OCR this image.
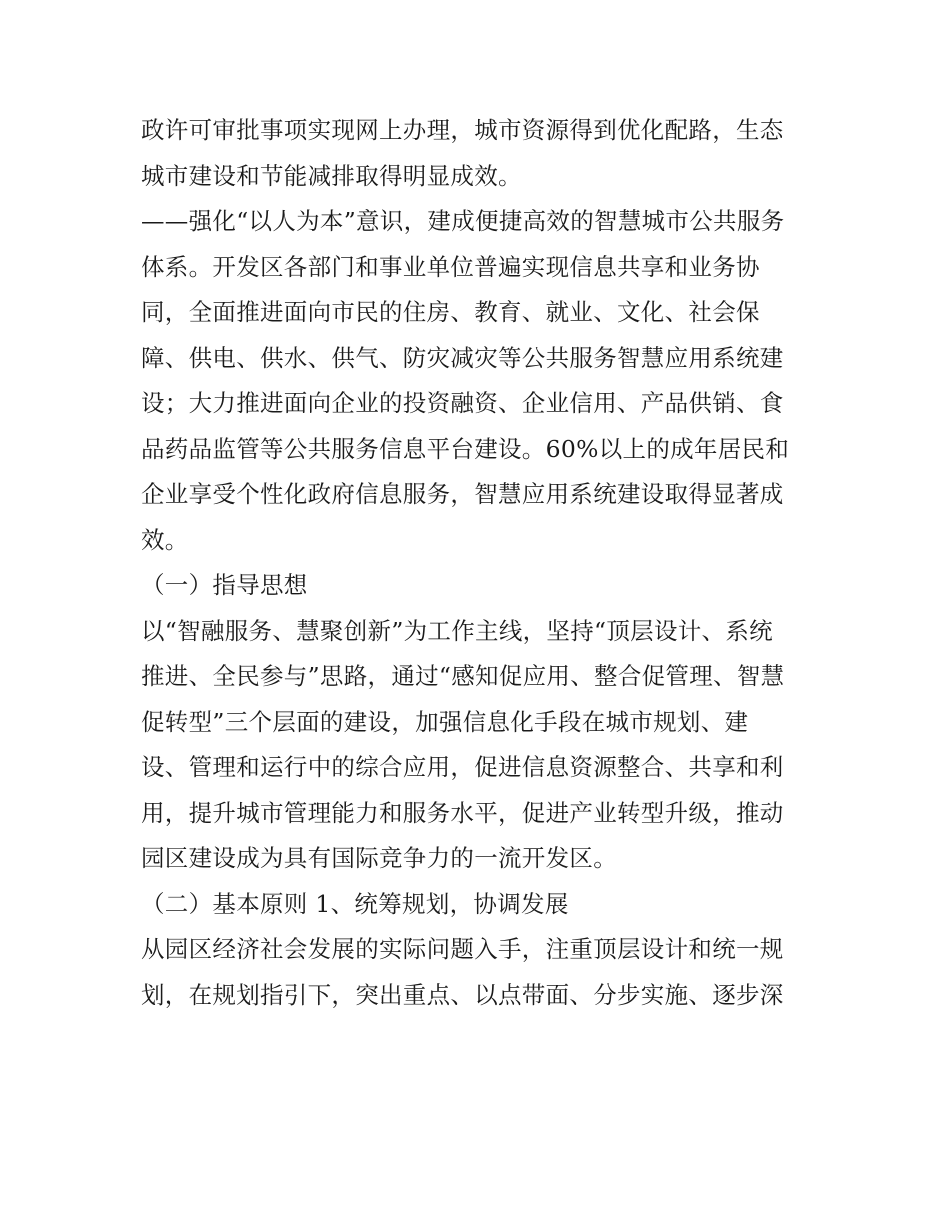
政许可审批事项实现网上办理，城市资源得到优化配路，生态
城市建设和节能减排取得明显成效。
——强化“以人为本”意识，建成便捷高效的智慧城市公共服务
体系。开发区各部门和事业单位普遍实现信息共享和业务协
同，全面推进面向市民的住房、教育、就业、文化、社会保
障、供电、供水、供气、防灾减灾等公共服务智慧应用系统建
设；大力推进面向企业的投资融资、企业信用、产品供销、食
品药品监管等公共服务信息平台建设。60%以上的成年居民和
企业享受个性化政府信息服务，智慧应用系统建设取得显著成
效。
（一）指导思想
以“智融服务、慧聚创新”为工作主线，坚持“顶层设计、系统
推进、全民参与”思路，通过“感知促应用、整合促管理、智慧
促转型”三个层面的建设，加强信息化手段在城市规划、建
设、管理和运行中的综合应用，促进信息资源整合、共享和利
用，提升城市管理能力和服务水平，促进产业转型升级，推动
园区建设成为具有国际竞争力的一流开发区。
（二）基本原则 1、统筹规划，协调发展
从园区经济社会发展的实际问题入手，注重顶层设计和统一规
划，在规划指引下，突出重点、以点带面、分步实施、逐步深
